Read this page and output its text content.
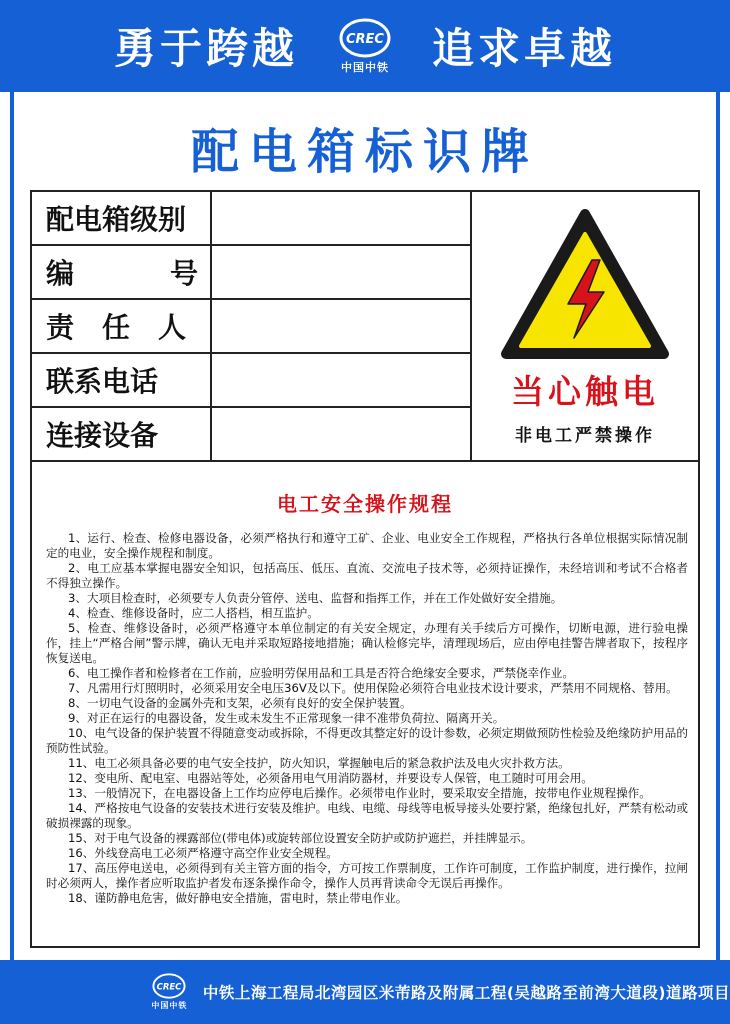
勇于跨越	CREC
中国中铁 追求卓越
配电箱标识牌
配电箱级别
编	号
责　任　人
联系电话
连接设备
当心触电
非电工严禁操作
电工安全操作规程

1、运行、检查、检修电器设备，必须严格执行和遵守工矿、企业、电业安全工作规程，严格执行各单位根据实际情况制定的电业，安全操作规程和制度。

2、电工应基本掌握电器安全知识，包括高压、低压、直流、交流电子技术等，必须持证操作，未经培训和考试不合格者不得独立操作。

3、大项目检查时，必须要专人负责分管停、送电、监督和指挥工作，并在工作处做好安全措施。

4、检查、维修设备时，应二人搭档，相互监护。

5、检查、维修设备时，必须严格遵守本单位制定的有关安全规定，办理有关手续后方可操作，切断电源，进行验电操作，挂上“严格合闸”警示牌，确认无电并采取短路接地措施；确认检修完毕，清理现场后，应由停电挂警告牌者取下，按程序恢复送电。

6、电工操作者和检修者在工作前，应验明劳保用品和工具是否符合绝缘安全要求，严禁侥幸作业。

7、凡需用行灯照明时，必须采用安全电压36V及以下。使用保险必须符合电业技术设计要求，严禁用不同规格、替用。

8、一切电气设备的金属外壳和支架，必须有良好的安全保护装置。

9、对正在运行的电器设备，发生或未发生不正常现象一律不准带负荷拉、隔离开关。

10、电气设备的保护装置不得随意变动或拆除，不得更改其整定好的设计参数，必须定期做预防性检验及绝缘防护用品的预防性试验。

11、电工必须具备必要的电气安全技护，防火知识，掌握触电后的紧急救护法及电火灾扑救方法。

12、变电所、配电室、电器站等处，必须备用电气用消防器材，并要设专人保管，电工随时可用会用。

13、一般情况下，在电器设备上工作均应停电后操作。必须带电作业时，要采取安全措施，按带电作业规程操作。

14、严格按电气设备的安装技术进行安装及维护。电线、电缆、母线等电板导接头处要拧紧，绝缘包扎好，严禁有松动或破损裸露的现象。

15、对于电气设备的裸露部位(带电体)或旋转部位设置安全防护或防护遮拦，并挂牌显示。

16、外线登高电工必须严格遵守高空作业安全规程。

17、高压停电送电，必须得到有关主管方面的指令，方可按工作票制度，工作许可制度，工作监护制度，进行操作，拉闸时必须两人，操作者应听取监护者发布逐条操作命令，操作人员再背读命令无误后再操作。

18、谨防静电危害，做好静电安全措施，雷电时，禁止带电作业。

CREC
中国中铁
中铁上海工程局北湾园区米芾路及附属工程(吴越路至前湾大道段)道路项目
